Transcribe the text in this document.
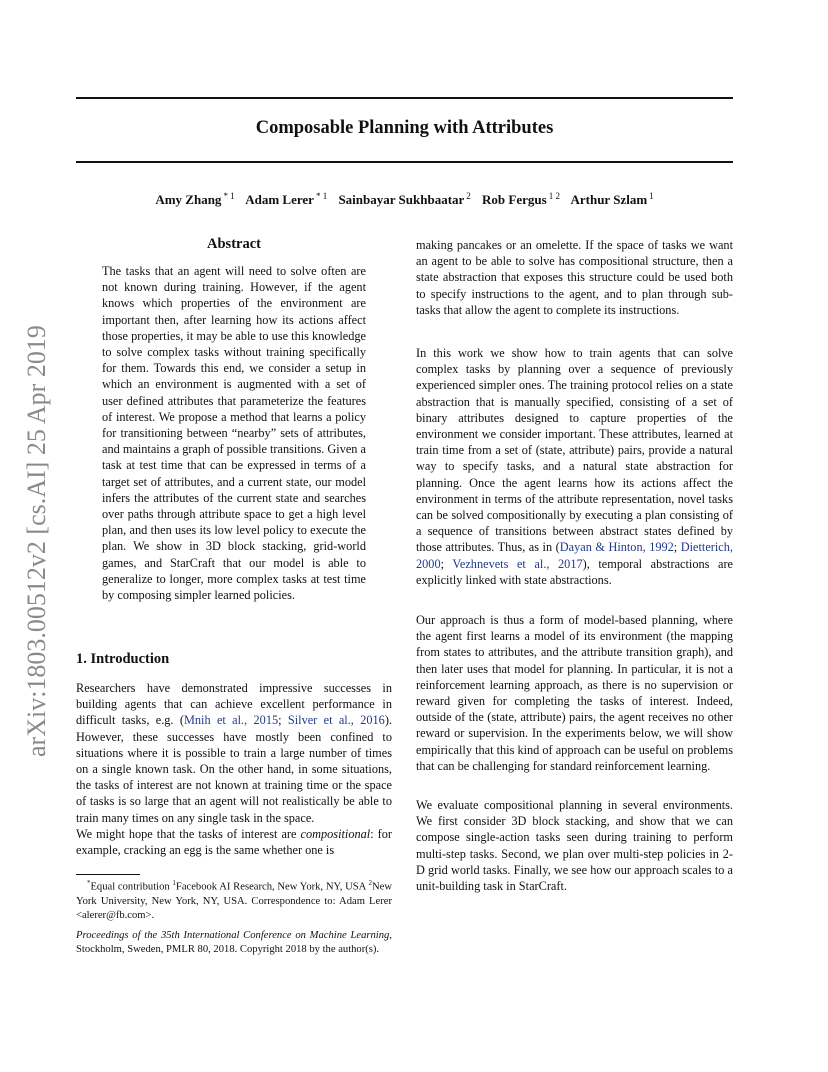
Composable Planning with Attributes

Amy Zhang $^{* 1}$ Adam Lerer $^{* 1}$ Sainbayar Sukhbaatar $^2$ Rob Fergus $^{1 2}$ Arthur Szlam $^1$

arXiv:1803.00512v2 [cs.AI] 25 Apr 2019

Abstract

The tasks that an agent will need to solve often are not known during training. However, if the agent knows which properties of the environment are important then, after learning how its actions affect those properties, it may be able to use this knowledge to solve complex tasks without training specifically for them. Towards this end, we consider a setup in which an environment is augmented with a set of user defined attributes that parameterize the features of interest. We propose a method that learns a policy for transitioning between “nearby” sets of attributes, and maintains a graph of possible transitions. Given a task at test time that can be expressed in terms of a target set of attributes, and a current state, our model infers the attributes of the current state and searches over paths through attribute space to get a high level plan, and then uses its low level policy to execute the plan. We show in 3D block stacking, grid-world games, and StarCraft that our model is able to generalize to longer, more complex tasks at test time by composing simpler learned policies.

1. Introduction

Researchers have demonstrated impressive successes in building agents that can achieve excellent performance in difficult tasks, e.g. (Mnih et al., 2015; Silver et al., 2016). However, these successes have mostly been confined to situations where it is possible to train a large number of times on a single known task. On the other hand, in some situations, the tasks of interest are not known at training time or the space of tasks is so large that an agent will not realistically be able to train many times on any single task in the space.

We might hope that the tasks of interest are compositional: for example, cracking an egg is the same whether one is

*Equal contribution $^1$Facebook AI Research, New York, NY, USA $^2$New York University, New York, NY, USA. Correspondence to: Adam Lerer <alerer@fb.com>.

Proceedings of the 35th International Conference on Machine Learning, Stockholm, Sweden, PMLR 80, 2018. Copyright 2018 by the author(s).

making pancakes or an omelette. If the space of tasks we want an agent to be able to solve has compositional structure, then a state abstraction that exposes this structure could be used both to specify instructions to the agent, and to plan through sub-tasks that allow the agent to complete its instructions.

In this work we show how to train agents that can solve complex tasks by planning over a sequence of previously experienced simpler ones. The training protocol relies on a state abstraction that is manually specified, consisting of a set of binary attributes designed to capture properties of the environment we consider important. These attributes, learned at train time from a set of (state, attribute) pairs, provide a natural way to specify tasks, and a natural state abstraction for planning. Once the agent learns how its actions affect the environment in terms of the attribute representation, novel tasks can be solved compositionally by executing a plan consisting of a sequence of transitions between abstract states defined by those attributes. Thus, as in (Dayan & Hinton, 1992; Dietterich, 2000; Vezhnevets et al., 2017), temporal abstractions are explicitly linked with state abstractions.

Our approach is thus a form of model-based planning, where the agent first learns a model of its environment (the mapping from states to attributes, and the attribute transition graph), and then later uses that model for planning. In particular, it is not a reinforcement learning approach, as there is no supervision or reward given for completing the tasks of interest. Indeed, outside of the (state, attribute) pairs, the agent receives no other reward or supervision. In the experiments below, we will show empirically that this kind of approach can be useful on problems that can be challenging for standard reinforcement learning.

We evaluate compositional planning in several environments. We first consider 3D block stacking, and show that we can compose single-action tasks seen during training to perform multi-step tasks. Second, we plan over multi-step policies in 2-D grid world tasks. Finally, we see how our approach scales to a unit-building task in StarCraft.
